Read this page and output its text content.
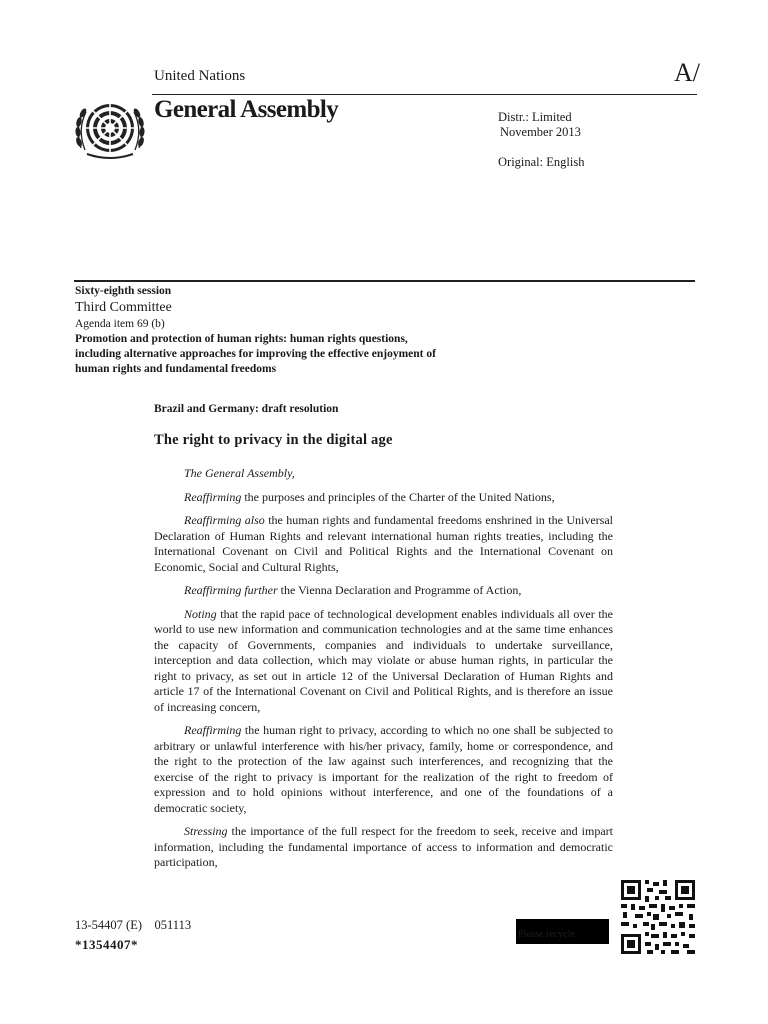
United Nations	A/
General Assembly	Distr.: Limited
November 2013
Original: English
Sixty-eighth session
Third Committee
Agenda item 69 (b)
Promotion and protection of human rights: human rights questions, including alternative approaches for improving the effective enjoyment of human rights and fundamental freedoms
Brazil and Germany: draft resolution
The right to privacy in the digital age

The General Assembly,

Reaffirming the purposes and principles of the Charter of the United Nations,

Reaffirming also the human rights and fundamental freedoms enshrined in the Universal Declaration of Human Rights and relevant international human rights treaties, including the International Covenant on Civil and Political Rights and the International Covenant on Economic, Social and Cultural Rights,

Reaffirming further the Vienna Declaration and Programme of Action,

Noting that the rapid pace of technological development enables individuals all over the world to use new information and communication technologies and at the same time enhances the capacity of Governments, companies and individuals to undertake surveillance, interception and data collection, which may violate or abuse human rights, in particular the right to privacy, as set out in article 12 of the Universal Declaration of Human Rights and article 17 of the International Covenant on Civil and Political Rights, and is therefore an issue of increasing concern,

Reaffirming the human right to privacy, according to which no one shall be subjected to arbitrary or unlawful interference with his/her privacy, family, home or correspondence, and the right to the protection of the law against such interferences, and recognizing that the exercise of the right to privacy is important for the realization of the right to freedom of expression and to hold opinions without interference, and one of the foundations of a democratic society,

Stressing the importance of the full respect for the freedom to seek, receive and impart information, including the fundamental importance of access to information and democratic participation,

13-54407 (E)    051113
*1354407*
Please recycle
